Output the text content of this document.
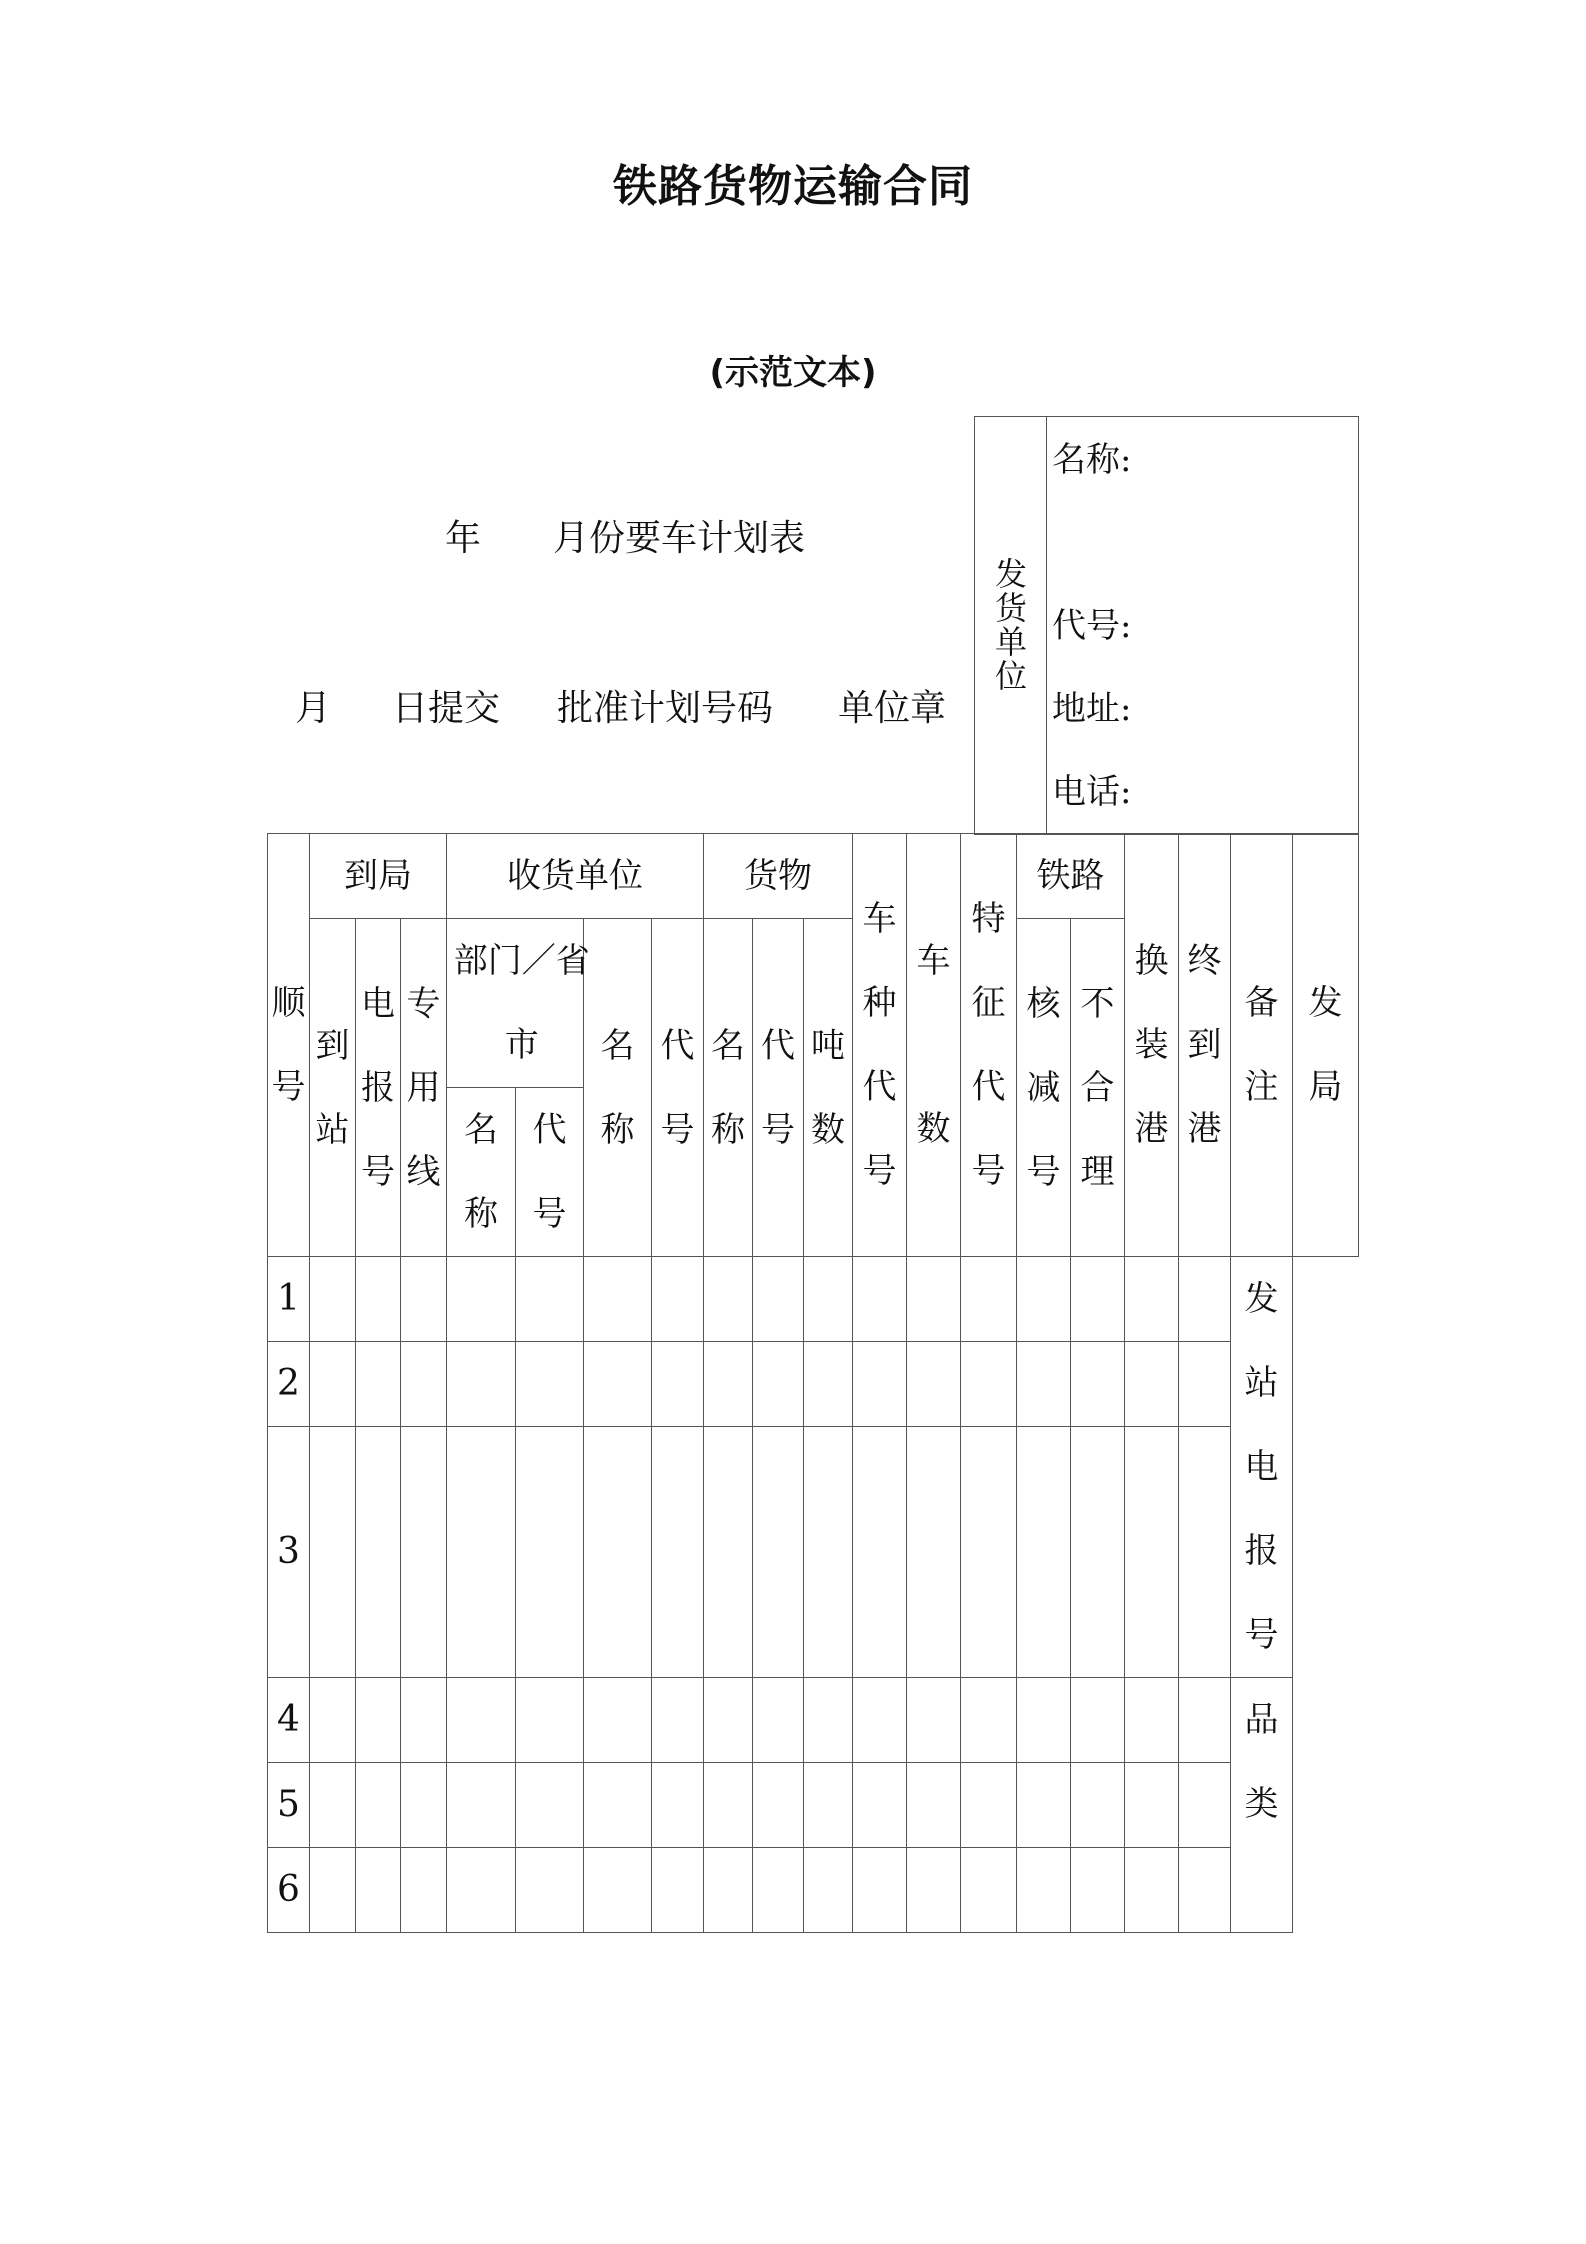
铁路货物运输合同
(示范文本)
年 月份要车计划表
月 日提交 批准计划号码 单位章
发货单位
名称:
代号:
地址:
电话:
顺号	到局			收货单位				货物			车种代号	车数	特征代号	铁路		换装港	终到港	备注	发局

	到站	电报号	专用线	部门／省市		名称	代号	名称	代号	吨数				核减号	不合理				

				名称	代号														

1																		发站电报号	

2																			
3																			
4																		品类	

5																			
6																			
